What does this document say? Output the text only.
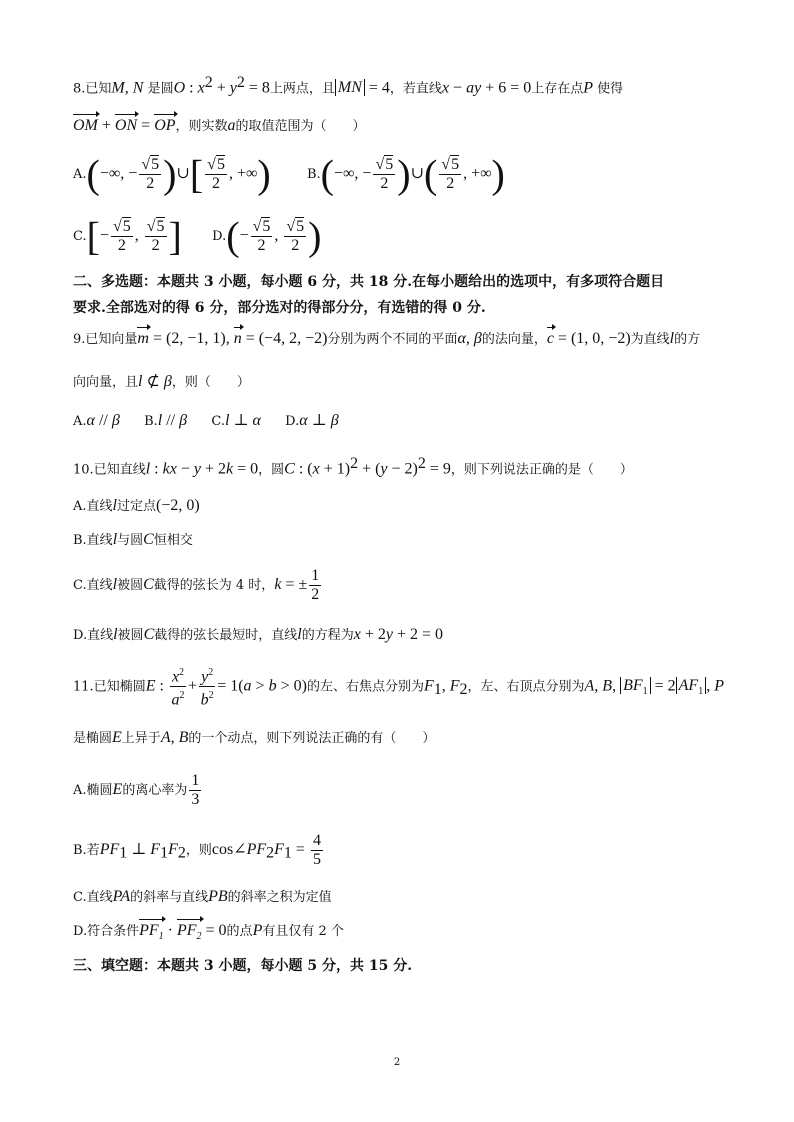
8.已知M, N 是圆O : $x^2 + y^2 = 8$上两点，且 MN = 4，若直线x − ay + 6 = 0上存在点P 使得
OM + ON = OP，则实数a的取值范围为（　　）
A.(−∞, − $\frac{√5}{2}$ )∪[ $\frac{√5}{2}$ , +∞)	B.(−∞, − $\frac{√5}{2}$ )∪( $\frac{√5}{2}$ , +∞)
$C.[- \frac{√5}{2}$ , $\frac{√5}{2}$ ] $D.(- \frac{√5}{2}$ , $\frac{√5}{2}$ )
二、多选题：本题共 3 小题，每小题 6 分，共 18 分.在每小题给出的选项中，有多项符合题目
要求.全部选对的得 6 分，部分选对的得部分分，有选错的得 0 分.
9.已知向量m = (2, −1, 1), n = (−4, 2, −2)分别为两个不同的平面α, β的法向量，c = (1, 0, −2)为直线l的方
向向量，且l ⊄ β，则（　　）
A.α // β B.l // β C.l ⊥ α D.α ⊥ β
10.已知直线l : kx − y + 2k = 0，圆C : $(x + 1)^2 + (y - 2)^2 = 9$，则下列说法正确的是（　　）
A.直线l过定点(−2, 0)
B.直线l与圆C恒相交
C.直线l被圆C截得的弦长为 4 时，k = ± $\frac{1}{2}$
D.直线l被圆C截得的弦长最短时，直线l的方程为x + 2y + 2 = 0
11.已知椭圆E : $\frac{x^2}{a^2} + \frac{y^2}{b^2} = 1(a > b > 0)$的左、右焦点分别为$F_1$, $F_2$，左、右顶点分别为A, B, $BF_1 = 2$ $AF_1$ , P
是椭圆E上异于A, B的一个动点，则下列说法正确的有（　　）
A.椭圆E的离心率为 $\frac{1}{3}$
B.若$PF_1$ ⊥ $F_1F_2$，则$\cos\angle PF_2F_1 = \frac{4}{5}$
C.直线PA的斜率与直线PB的斜率之积为定值
D.符合条件$PF_1 \cdot PF_2 = 0$的点P有且仅有 2 个
三、填空题：本题共 3 小题，每小题 5 分，共 15 分.
2
